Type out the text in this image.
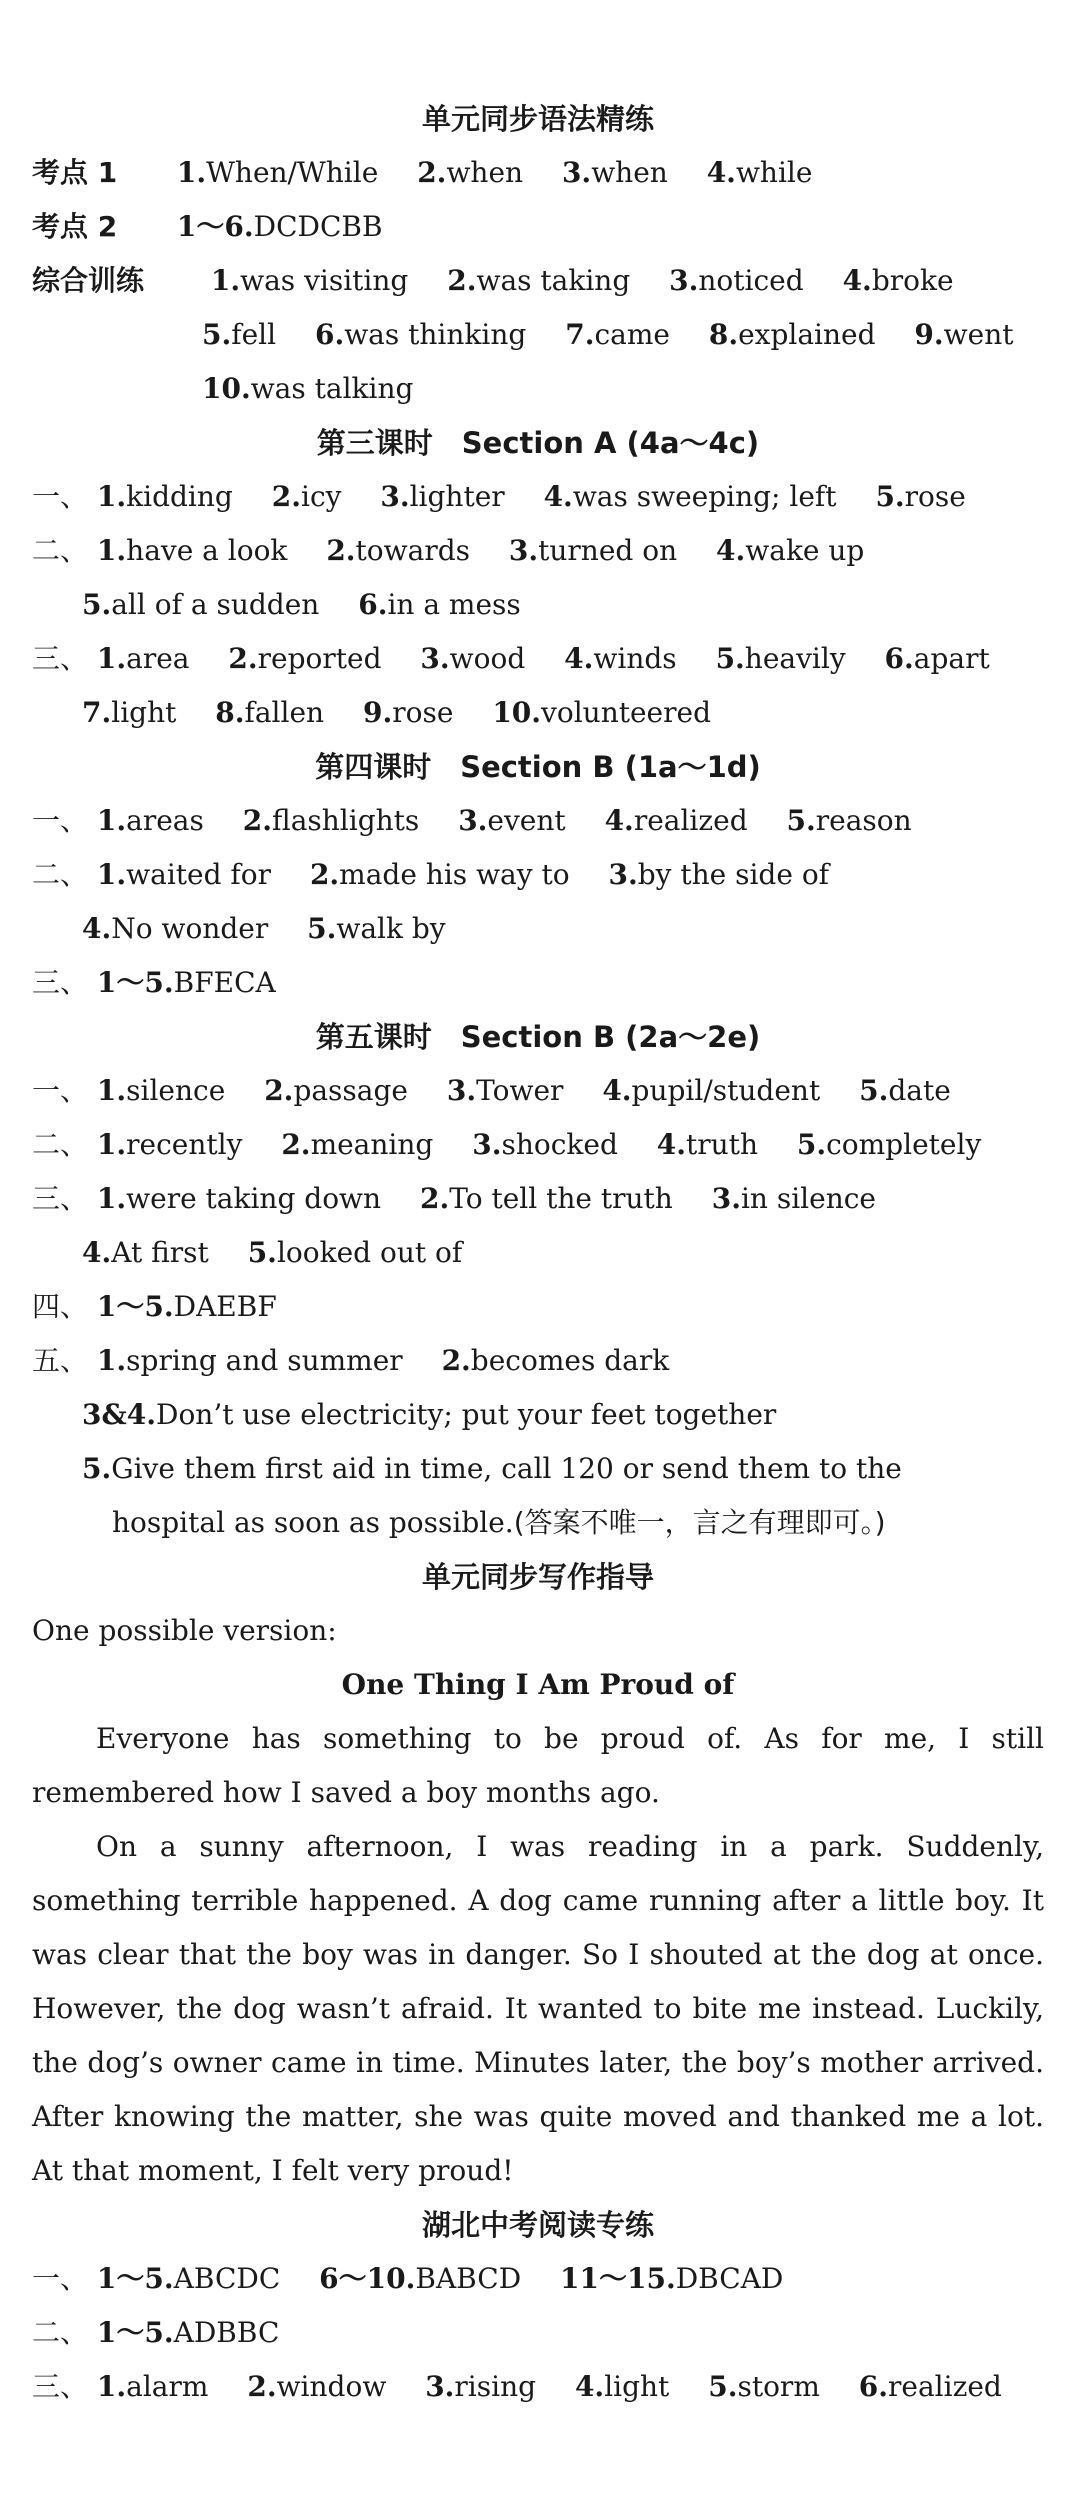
单元同步语法精练
考点 1 1.When/While 2.when 3.when 4.while
考点 2 1～6.DCDCBB
综合训练 1.was visiting 2.was taking 3.noticed 4.broke
5.fell 6.was thinking 7.came 8.explained 9.went
10.was talking
第三课时　Section A (4a～4c)
一、 1.kidding 2.icy 3.lighter 4.was sweeping; left 5.rose
二、 1.have a look 2.towards 3.turned on 4.wake up
5.all of a sudden 6.in a mess
三、 1.area 2.reported 3.wood 4.winds 5.heavily 6.apart
7.light 8.fallen 9.rose 10.volunteered
第四课时　Section B (1a～1d)
一、 1.areas 2.flashlights 3.event 4.realized 5.reason
二、 1.waited for 2.made his way to 3.by the side of
4.No wonder 5.walk by
三、 1～5.BFECA
第五课时　Section B (2a～2e)
一、 1.silence 2.passage 3.Tower 4.pupil/student 5.date
二、 1.recently 2.meaning 3.shocked 4.truth 5.completely
三、 1.were taking down 2.To tell the truth 3.in silence
4.At first 5.looked out of
四、 1～5.DAEBF
五、 1.spring and summer 2.becomes dark
3&4.Don’t use electricity; put your feet together
5.Give them first aid in time, call 120 or send them to the
hospital as soon as possible.(答案不唯一，言之有理即可。)
单元同步写作指导
One possible version:
One Thing I Am Proud of

Everyone has something to be proud of. As for me, I still remembered how I saved a boy months ago.

On a sunny afternoon, I was reading in a park. Suddenly, something terrible happened. A dog came running after a little boy. It was clear that the boy was in danger. So I shouted at the dog at once. However, the dog wasn’t afraid. It wanted to bite me instead. Luckily, the dog’s owner came in time. Minutes later, the boy’s mother arrived. After knowing the matter, she was quite moved and thanked me a lot. At that moment, I felt very proud!

湖北中考阅读专练
一、 1～5.ABCDC 6～10.BABCD 11～15.DBCAD
二、 1～5.ADBBC
三、 1.alarm 2.window 3.rising 4.light 5.storm 6.realized
